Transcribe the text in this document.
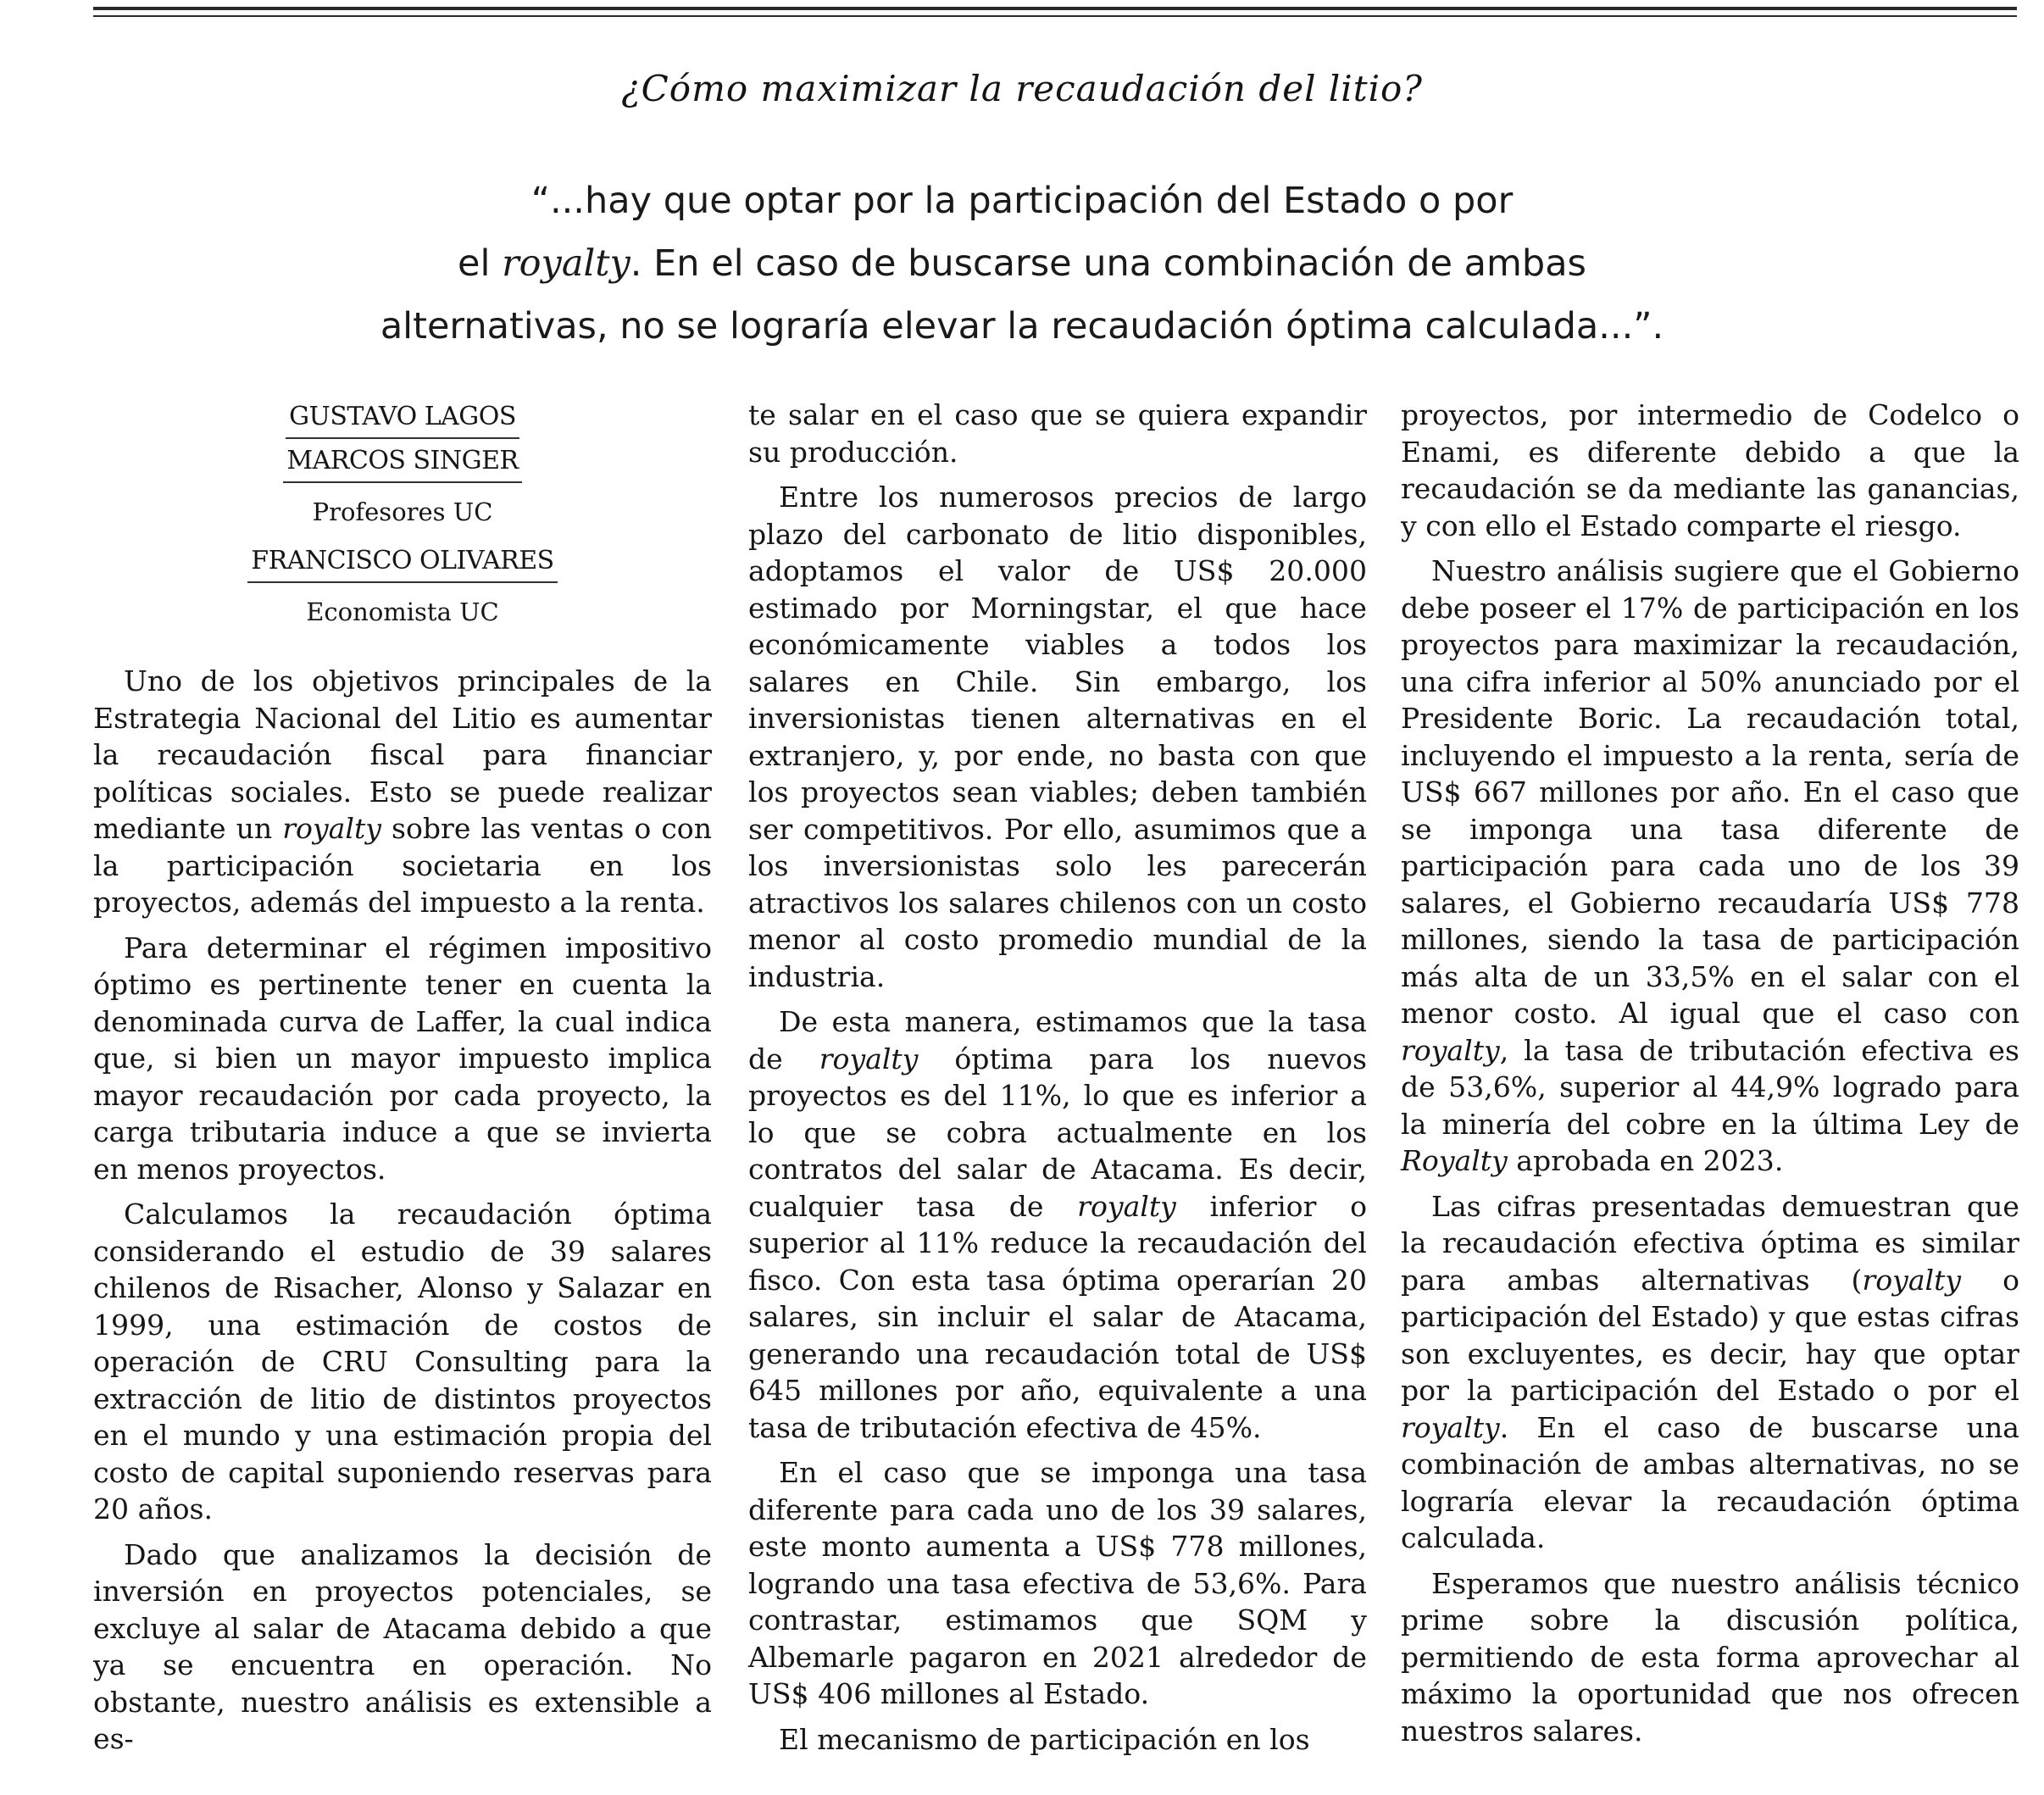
¿Cómo maximizar la recaudación del litio?
“...hay que optar por la participación del Estado o por
el royalty. En el caso de buscarse una combinación de ambas
alternativas, no se lograría elevar la recaudación óptima calculada...”.
GUSTAVO LAGOS
MARCOS SINGER
Profesores UC
FRANCISCO OLIVARES
Economista UC

Uno de los objetivos principales de la Estrategia Nacional del Litio es aumentar la recaudación fiscal para financiar políticas sociales. Esto se puede realizar mediante un royalty sobre las ventas o con la participación societaria en los proyectos, además del impuesto a la renta.

Para determinar el régimen impositivo óptimo es pertinente tener en cuenta la denominada curva de Laffer, la cual indica que, si bien un mayor impuesto implica mayor recaudación por cada proyecto, la carga tributaria induce a que se invierta en menos proyectos.

Calculamos la recaudación óptima considerando el estudio de 39 salares chilenos de Risacher, Alonso y Salazar en 1999, una estimación de costos de operación de CRU Consulting para la extracción de litio de distintos proyectos en el mundo y una estimación propia del costo de capital suponiendo reservas para 20 años.

Dado que analizamos la decisión de inversión en proyectos potenciales, se excluye al salar de Atacama debido a que ya se encuentra en operación. No obstante, nuestro análisis es extensible a es-

te salar en el caso que se quiera expandir su producción.

Entre los numerosos precios de largo plazo del carbonato de litio disponibles, adoptamos el valor de US$ 20.000 estimado por Morningstar, el que hace económicamente viables a todos los salares en Chile. Sin embargo, los inversionistas tienen alternativas en el extranjero, y, por ende, no basta con que los proyectos sean viables; deben también ser competitivos. Por ello, asumimos que a los inversionistas solo les parecerán atractivos los salares chilenos con un costo menor al costo promedio mundial de la industria.

De esta manera, estimamos que la tasa de royalty óptima para los nuevos proyectos es del 11%, lo que es inferior a lo que se cobra actualmente en los contratos del salar de Atacama. Es decir, cualquier tasa de royalty inferior o superior al 11% reduce la recaudación del fisco. Con esta tasa óptima operarían 20 salares, sin incluir el salar de Atacama, generando una recaudación total de US$ 645 millones por año, equivalente a una tasa de tributación efectiva de 45%.

En el caso que se imponga una tasa diferente para cada uno de los 39 salares, este monto aumenta a US$ 778 millones, logrando una tasa efectiva de 53,6%. Para contrastar, estimamos que SQM y Albemarle pagaron en 2021 alrededor de US$ 406 millones al Estado.

El mecanismo de participación en los

proyectos, por intermedio de Codelco o Enami, es diferente debido a que la recaudación se da mediante las ganancias, y con ello el Estado comparte el riesgo.

Nuestro análisis sugiere que el Gobierno debe poseer el 17% de participación en los proyectos para maximizar la recaudación, una cifra inferior al 50% anunciado por el Presidente Boric. La recaudación total, incluyendo el impuesto a la renta, sería de US$ 667 millones por año. En el caso que se imponga una tasa diferente de participación para cada uno de los 39 salares, el Gobierno recaudaría US$ 778 millones, siendo la tasa de participación más alta de un 33,5% en el salar con el menor costo. Al igual que el caso con royalty, la tasa de tributación efectiva es de 53,6%, superior al 44,9% logrado para la minería del cobre en la última Ley de Royalty aprobada en 2023.

Las cifras presentadas demuestran que la recaudación efectiva óptima es similar para ambas alternativas (royalty o participación del Estado) y que estas cifras son excluyentes, es decir, hay que optar por la participación del Estado o por el royalty. En el caso de buscarse una combinación de ambas alternativas, no se lograría elevar la recaudación óptima calculada.

Esperamos que nuestro análisis técnico prime sobre la discusión política, permitiendo de esta forma aprovechar al máximo la oportunidad que nos ofrecen nuestros salares.
